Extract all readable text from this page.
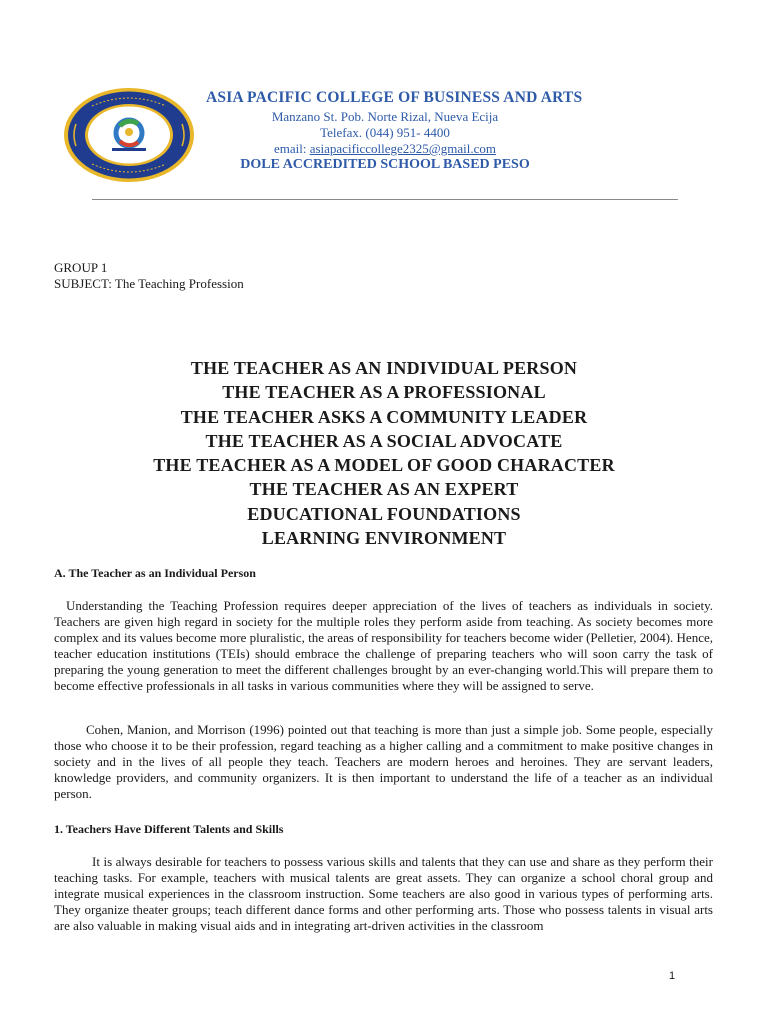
ASIA PACIFIC COLLEGE OF BUSINESS AND ARTS
Manzano St. Pob. Norte Rizal, Nueva Ecija
Telefax. (044) 951- 4400
email: asiapacificcollege2325@gmail.com
DOLE ACCREDITED SCHOOL BASED PESO
GROUP 1
SUBJECT: The Teaching Profession
THE TEACHER AS AN INDIVIDUAL PERSON
THE TEACHER AS A PROFESSIONAL
THE TEACHER ASKS A COMMUNITY LEADER
THE TEACHER AS A SOCIAL ADVOCATE
THE TEACHER AS A MODEL OF GOOD CHARACTER
THE TEACHER AS AN EXPERT
EDUCATIONAL FOUNDATIONS
LEARNING ENVIRONMENT
A. The Teacher as an Individual Person
Understanding the Teaching Profession requires deeper appreciation of the lives of teachers as individuals in society. Teachers are given high regard in society for the multiple roles they perform aside from teaching. As society becomes more complex and its values become more pluralistic, the areas of responsibility for teachers become wider (Pelletier, 2004). Hence, teacher education institutions (TEIs) should embrace the challenge of preparing teachers who will soon carry the task of preparing the young generation to meet the different challenges brought by an ever-changing world.This will prepare them to become effective professionals in all tasks in various communities where they will be assigned to serve.
Cohen, Manion, and Morrison (1996) pointed out that teaching is more than just a simple job. Some people, especially those who choose it to be their profession, regard teaching as a higher calling and a commitment to make positive changes in society and in the lives of all people they teach. Teachers are modern heroes and heroines. They are servant leaders, knowledge providers, and community organizers. It is then important to understand the life of a teacher as an individual person.
1. Teachers Have Different Talents and Skills
It is always desirable for teachers to possess various skills and talents that they can use and share as they perform their teaching tasks. For example, teachers with musical talents are great assets. They can organize a school choral group and integrate musical experiences in the classroom instruction. Some teachers are also good in various types of performing arts. They organize theater groups; teach different dance forms and other performing arts. Those who possess talents in visual arts are also valuable in making visual aids and in integrating art-driven activities in the classroom
1
